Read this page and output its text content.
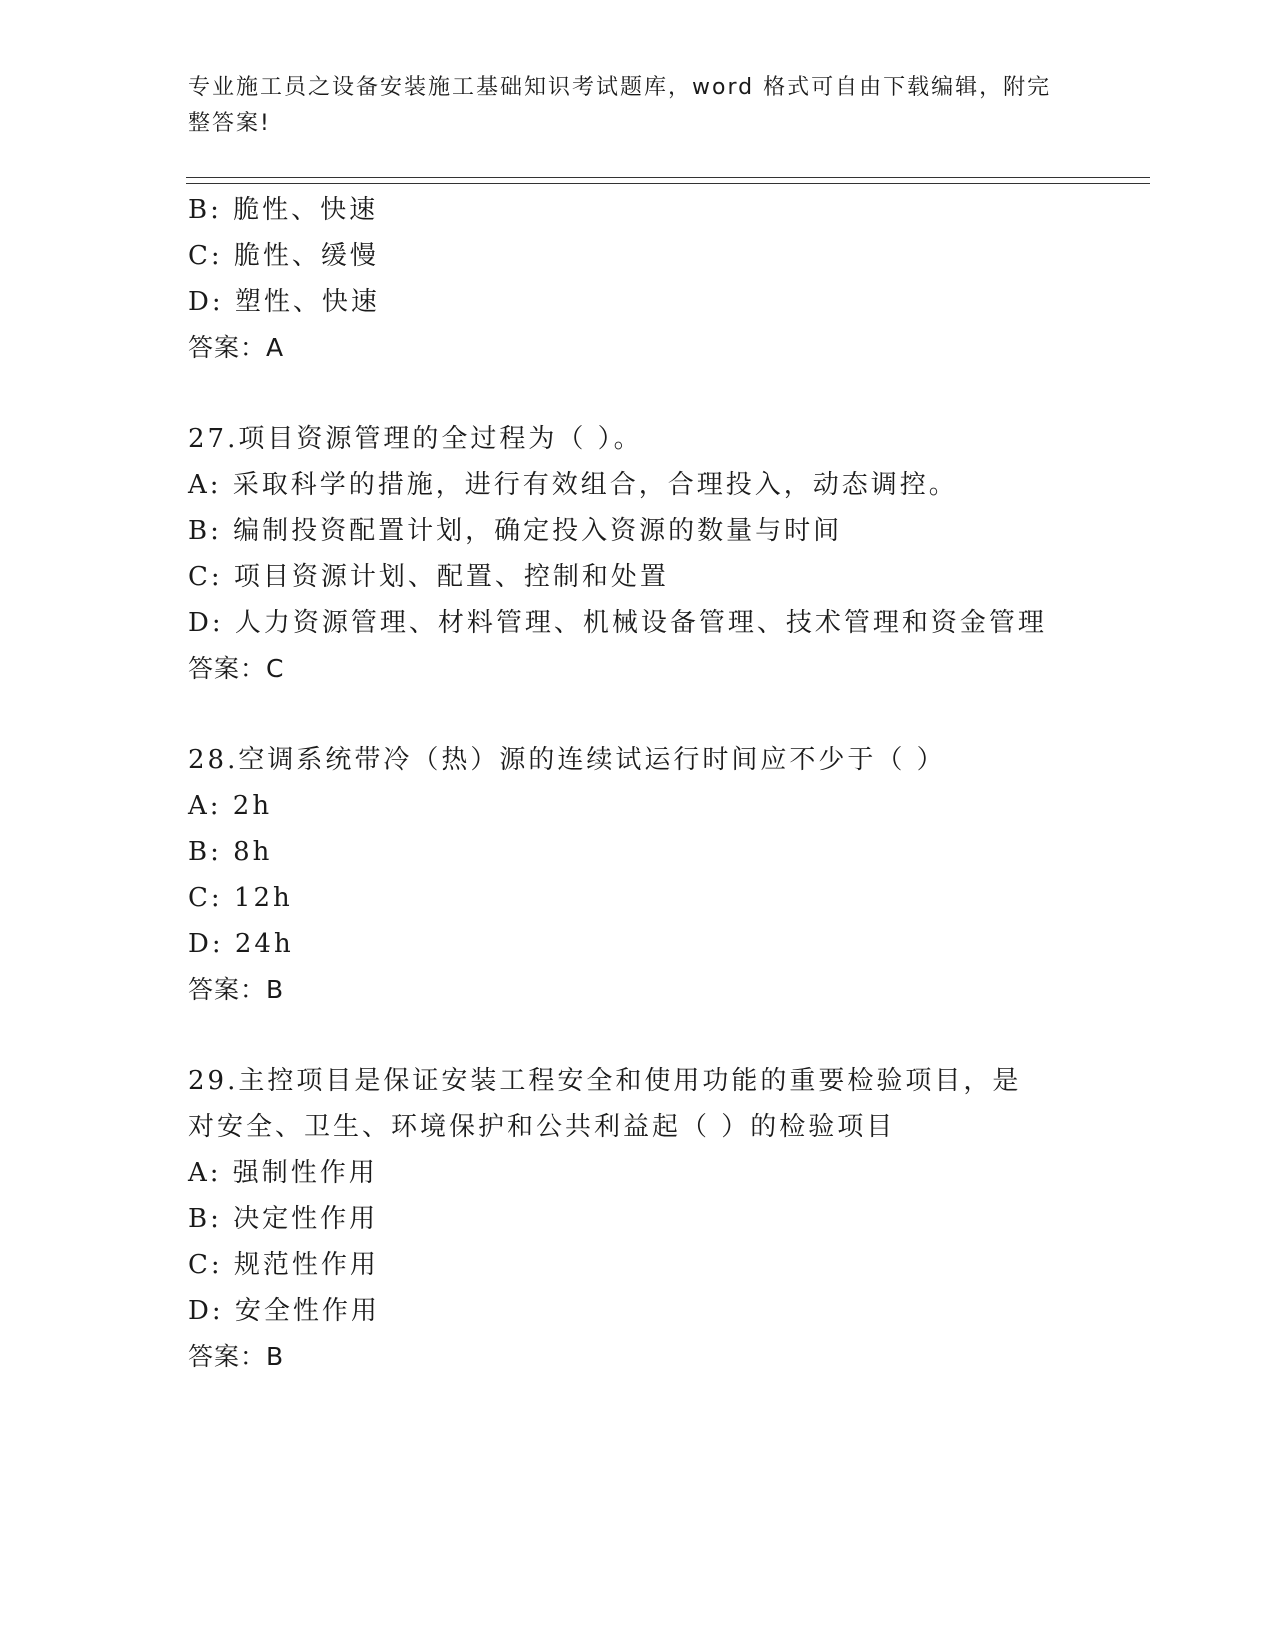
专业施工员之设备安装施工基础知识考试题库，word 格式可自由下载编辑，附完整答案!
B: 脆性、快速
C: 脆性、缓慢
D: 塑性、快速
答案：A
27.项目资源管理的全过程为（ ）。
A: 采取科学的措施，进行有效组合，合理投入，动态调控。
B: 编制投资配置计划，确定投入资源的数量与时间
C: 项目资源计划、配置、控制和处置
D: 人力资源管理、材料管理、机械设备管理、技术管理和资金管理
答案：C
28.空调系统带冷（热）源的连续试运行时间应不少于（ ）
A: 2h
B: 8h
C: 12h
D: 24h
答案：B
29.主控项目是保证安装工程安全和使用功能的重要检验项目，是对安全、卫生、环境保护和公共利益起（ ）的检验项目
A: 强制性作用
B: 决定性作用
C: 规范性作用
D: 安全性作用
答案：B
